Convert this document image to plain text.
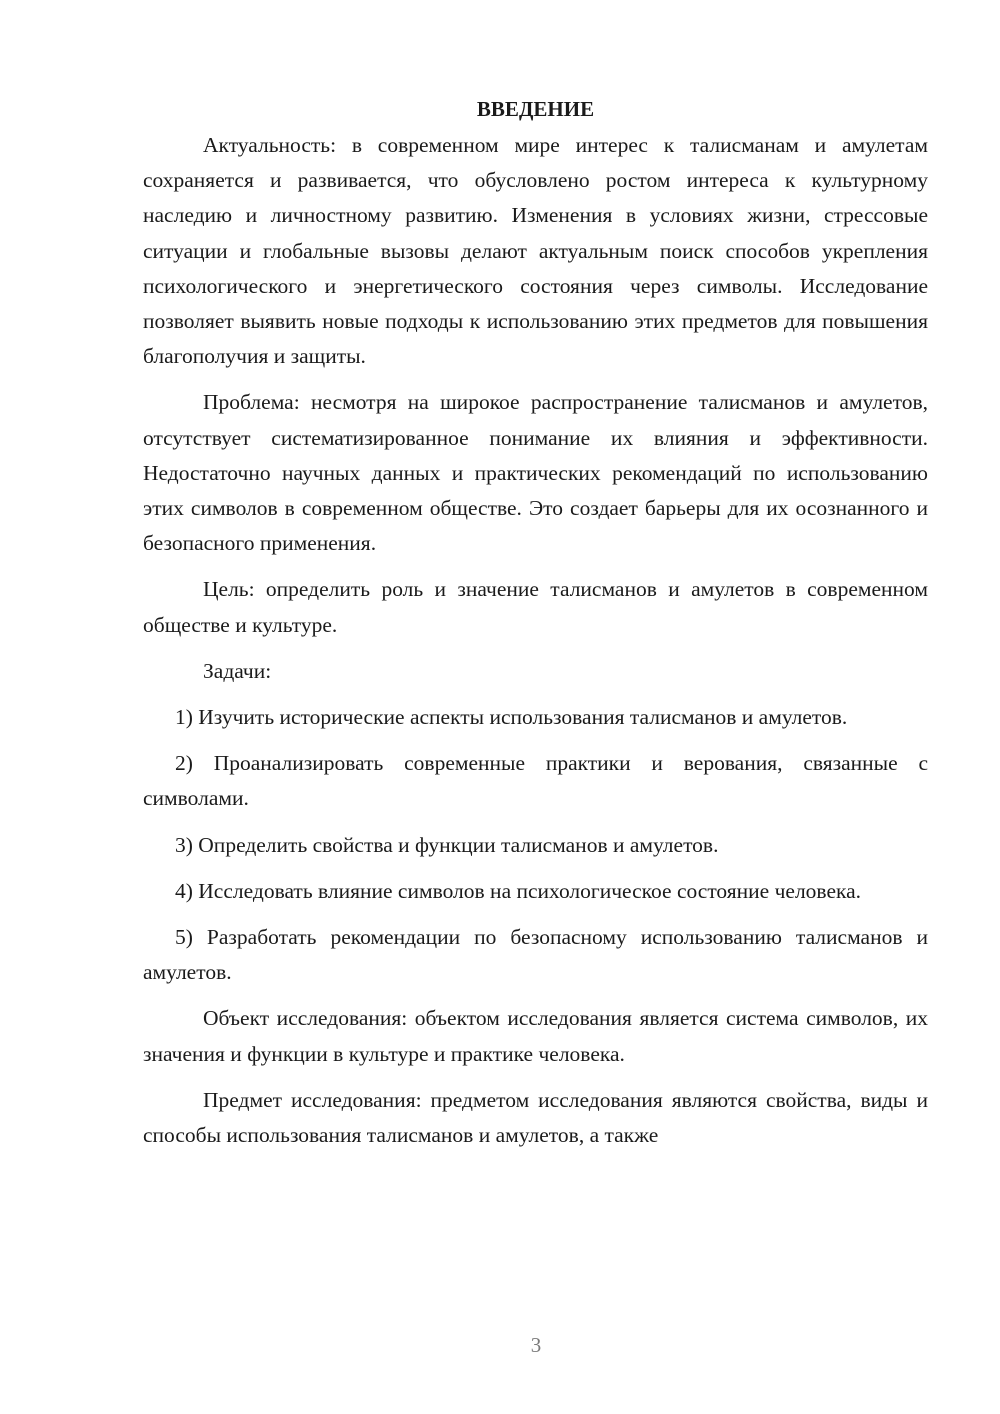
ВВЕДЕНИЕ

Актуальность: в современном мире интерес к талисманам и амулетам сохраняется и развивается, что обусловлено ростом интереса к культурному наследию и личностному развитию. Изменения в условиях жизни, стрессовые ситуации и глобальные вызовы делают актуальным поиск способов укрепления психологического и энергетического состояния через символы. Исследование позволяет выявить новые подходы к использованию этих предметов для повышения благополучия и защиты.

Проблема: несмотря на широкое распространение талисманов и амулетов, отсутствует систематизированное понимание их влияния и эффективности. Недостаточно научных данных и практических рекомендаций по использованию этих символов в современном обществе. Это создает барьеры для их осознанного и безопасного применения.

Цель: определить роль и значение талисманов и амулетов в современном обществе и культуре.

Задачи:

1) Изучить исторические аспекты использования талисманов и амулетов.

2) Проанализировать современные практики и верования, связанные с символами.

3) Определить свойства и функции талисманов и амулетов.

4) Исследовать влияние символов на психологическое состояние человека.

5) Разработать рекомендации по безопасному использованию талисманов и амулетов.

Объект исследования: объектом исследования является система символов, их значения и функции в культуре и практике человека.

Предмет исследования: предметом исследования являются свойства, виды и способы использования талисманов и амулетов, а также

3
